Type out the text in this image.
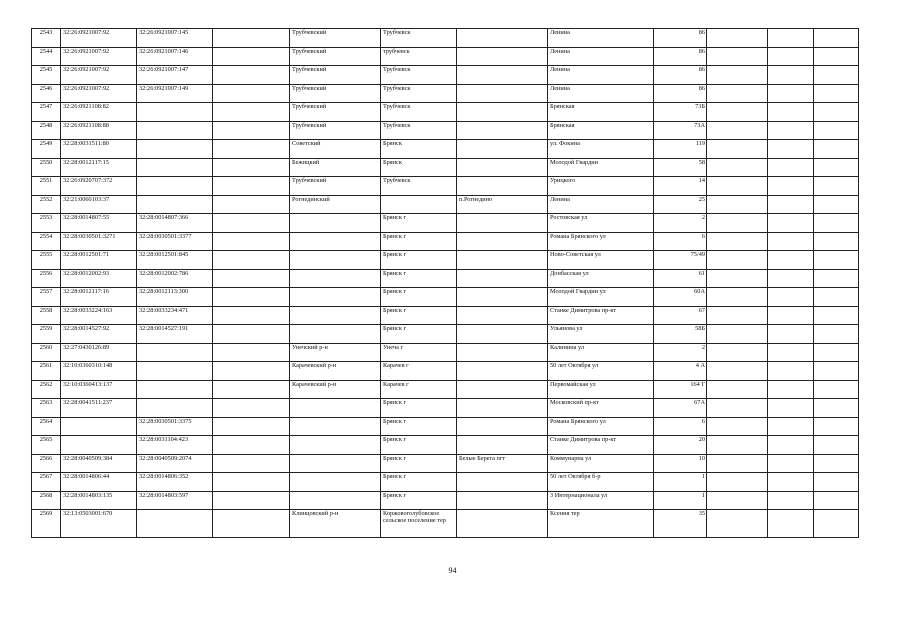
2543	32:26:0921007:92	32:26:0921007:145		Трубчевский	Трубчевск		Ленина	86			
2544	32:26:0921007:92	32:26:0921007:146		Трубчевский	трубчевск		Ленина	86			
2545	32:26:0921007:92	32:26:0921007:147		Трубчевский	Трубчевск		Ленина	86			
2546	32:26:0921007:92	32:26:0921007:149		Трубчевский	Трубчевск		Ленина	86			
2547	32:26:0921108:82			Трубчевский	Трубчевск		Брянская	73Б			
2548	32:26:0921108:88			Трубчевский	Трубчевск		Брянская	73А			
2549	32:28:0031511:80			Советский	Брянск		ул. Фокина	119			
2550	32:28:0012117:15			Бежицкий	Брянск		Молодой Гвардии	58			
2551	32:26:0920707:372			Трубчевский	Трубчевск		Урицкого	14			
2552	32:21:0060103:37			Рогнединский		п.Рогнедино	Ленина	25			
2553	32:28:0014807:55	32:28:0014807:366			Брянск г		Ростовская ул	2			
2554	32:28:0030501:3271	32:28:0030501:3377			Брянск г		Романа Брянского ул	6			
2555	32:28:0012501:71	32:28:0012501:845			Брянск г		Ново-Советская ул	75/49			
2556	32:28:0012002:93	32:28:0012002:786			Брянск г		Донбасская ул	61			
2557	32:28:0012117:16	32:28:0012113:300			Брянск г		Молодой Гвардии ул	60А			
2558	32:28:0033224:163	32:28:0033234:471			Брянск г		Станке Димитрова пр-кт	67			
2559	32:28:0014527:92	32:28:0014527:191			Брянск г		Ульянова ул	58Б			
2560	32:27:0430126:89			Унечский р-н	Унеча г		Калинина ул	2			
2561	32:10:0360310:148			Карачевский р-н	Карачев г		50 лет Октября ул	4 А			
2562	32:10:0360413:137			Карачевский р-н	Карачев г		Первомайская ул	164 Г			
2563	32:28:0041511:237				Брянск г		Московский пр-кт	67А			
2564		32:28:0030501:3375			Брянск г		Романа Брянского ул	6			
2565		32:28:0031104:423			Брянск г		Станке Димитрова пр-кт	20			
2566	32:28:0040509:384	32:28:0040509:2074			Брянск г	Белые Берега пгт	Коммунарна ул	10			
2567	32:28:0014806:44	32:28:0014806:352			Брянск г		50 лет Октября б-р	1			
2568	32:28:0014803:135	32:28:0014803:597			Брянск г		3 Интернационала ул	1			
2569	32:13:0503001:670			Клинцовский р-н	Коржовоголубовское сельское поселение тер		Ксения тер	35			
94
